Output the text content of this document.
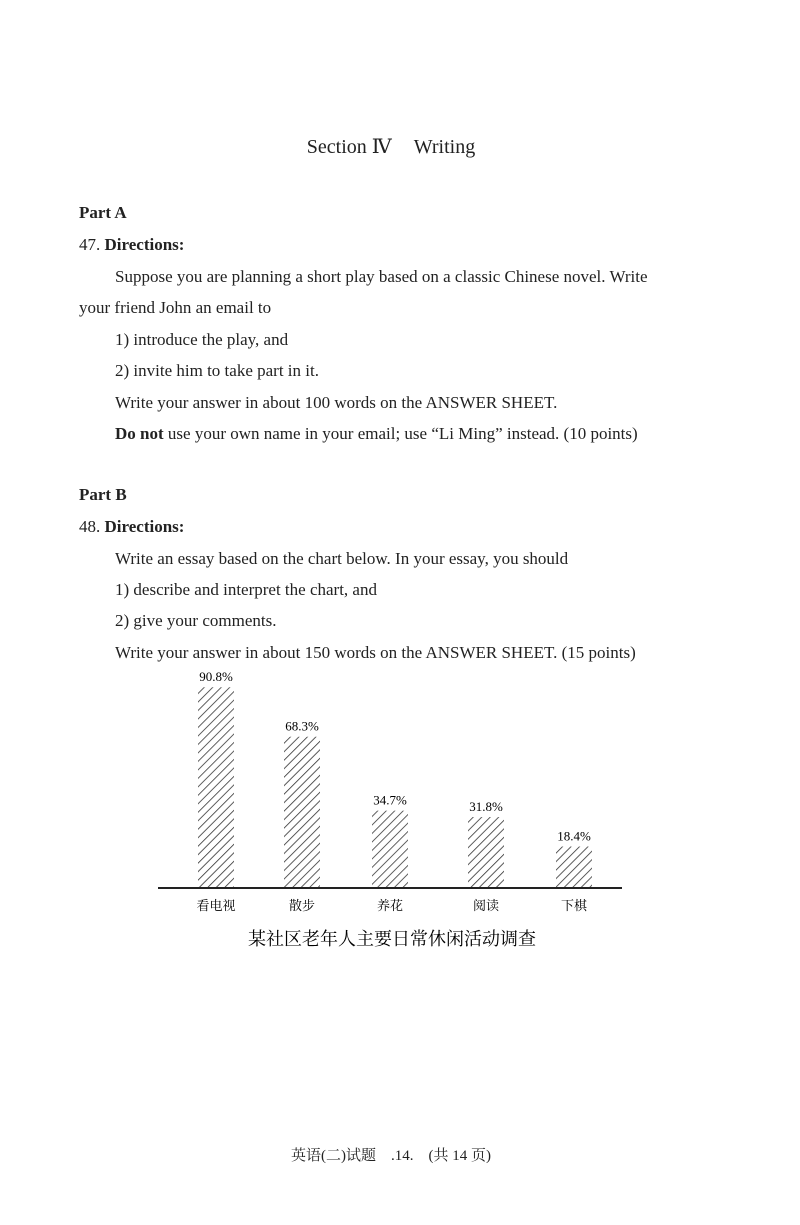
Section Ⅳ Writing
Part A
47. Directions:
Suppose you are planning a short play based on a classic Chinese novel. Write
your friend John an email to
1) introduce the play, and
2) invite him to take part in it.
Write your answer in about 100 words on the ANSWER SHEET.
Do not use your own name in your email; use “Li Ming” instead. (10 points)
Part B
48. Directions:
Write an essay based on the chart below. In your essay, you should
1) describe and interpret the chart, and
2) give your comments.
Write your answer in about 150 words on the ANSWER SHEET. (15 points)
90.8%
看电视
68.3%
散步
34.7%
养花
31.8%
阅读
18.4%
下棋
某社区老年人主要日常休闲活动调查
英语(二)试题　.14.　(共 14 页)
